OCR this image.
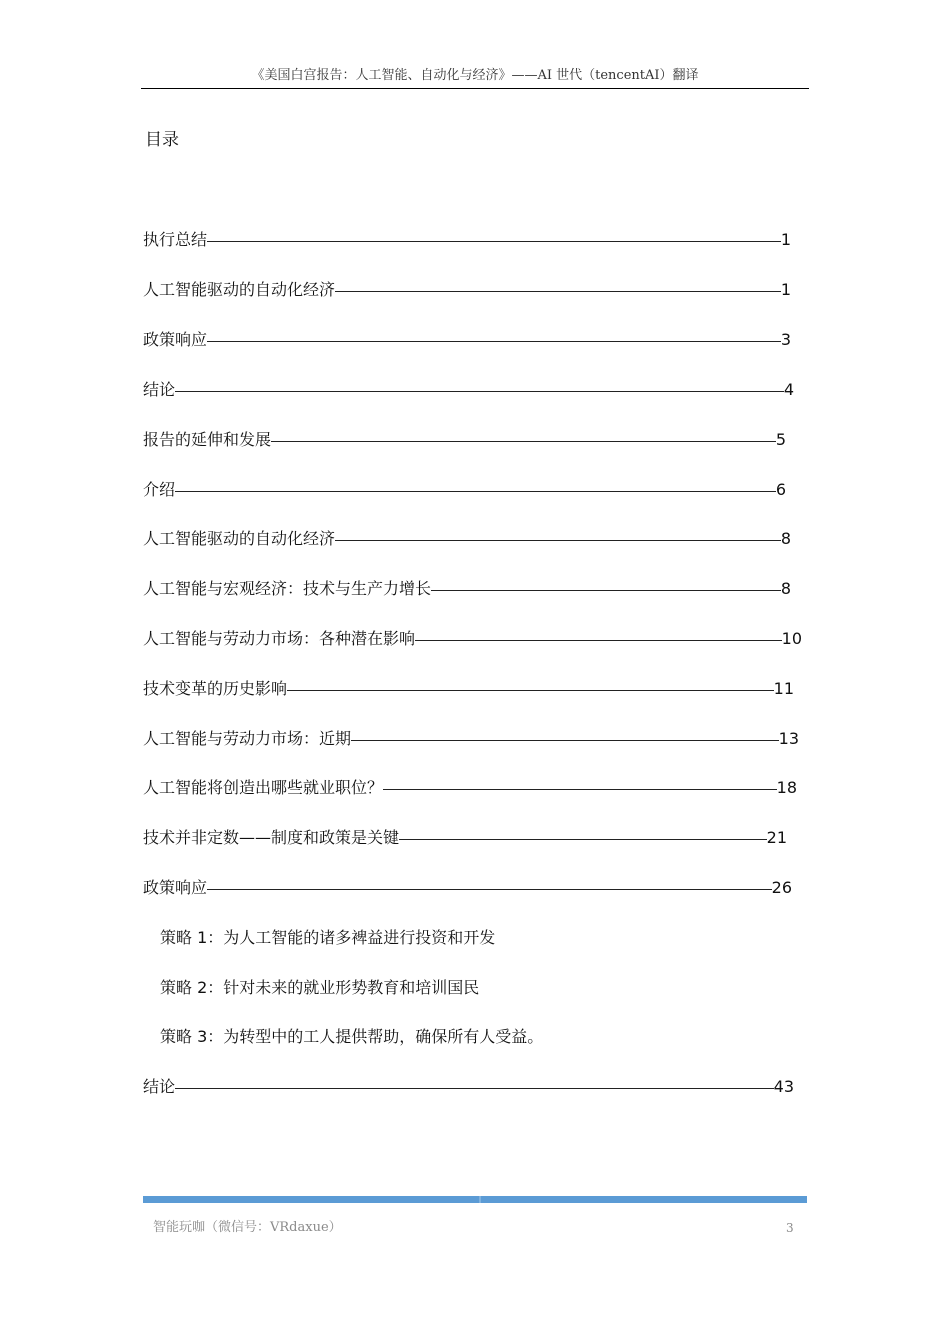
《美国白宫报告：人工智能、自动化与经济》——AI 世代（tencentAI）翻译
目录
执行总结	1
人工智能驱动的自动化经济	1
政策响应	3
结论	4
报告的延伸和发展	5
介绍	6
人工智能驱动的自动化经济	8
人工智能与宏观经济：技术与生产力增长	8
人工智能与劳动力市场：各种潜在影响	10
技术变革的历史影响	11
人工智能与劳动力市场：近期	13
人工智能将创造出哪些就业职位？	18
技术并非定数——制度和政策是关键	21
政策响应	26
策略 1：为人工智能的诸多裨益进行投资和开发
策略 2：针对未来的就业形势教育和培训国民
策略 3：为转型中的工人提供帮助，确保所有人受益。
结论	43
智能玩咖（微信号：VRdaxue）	3
